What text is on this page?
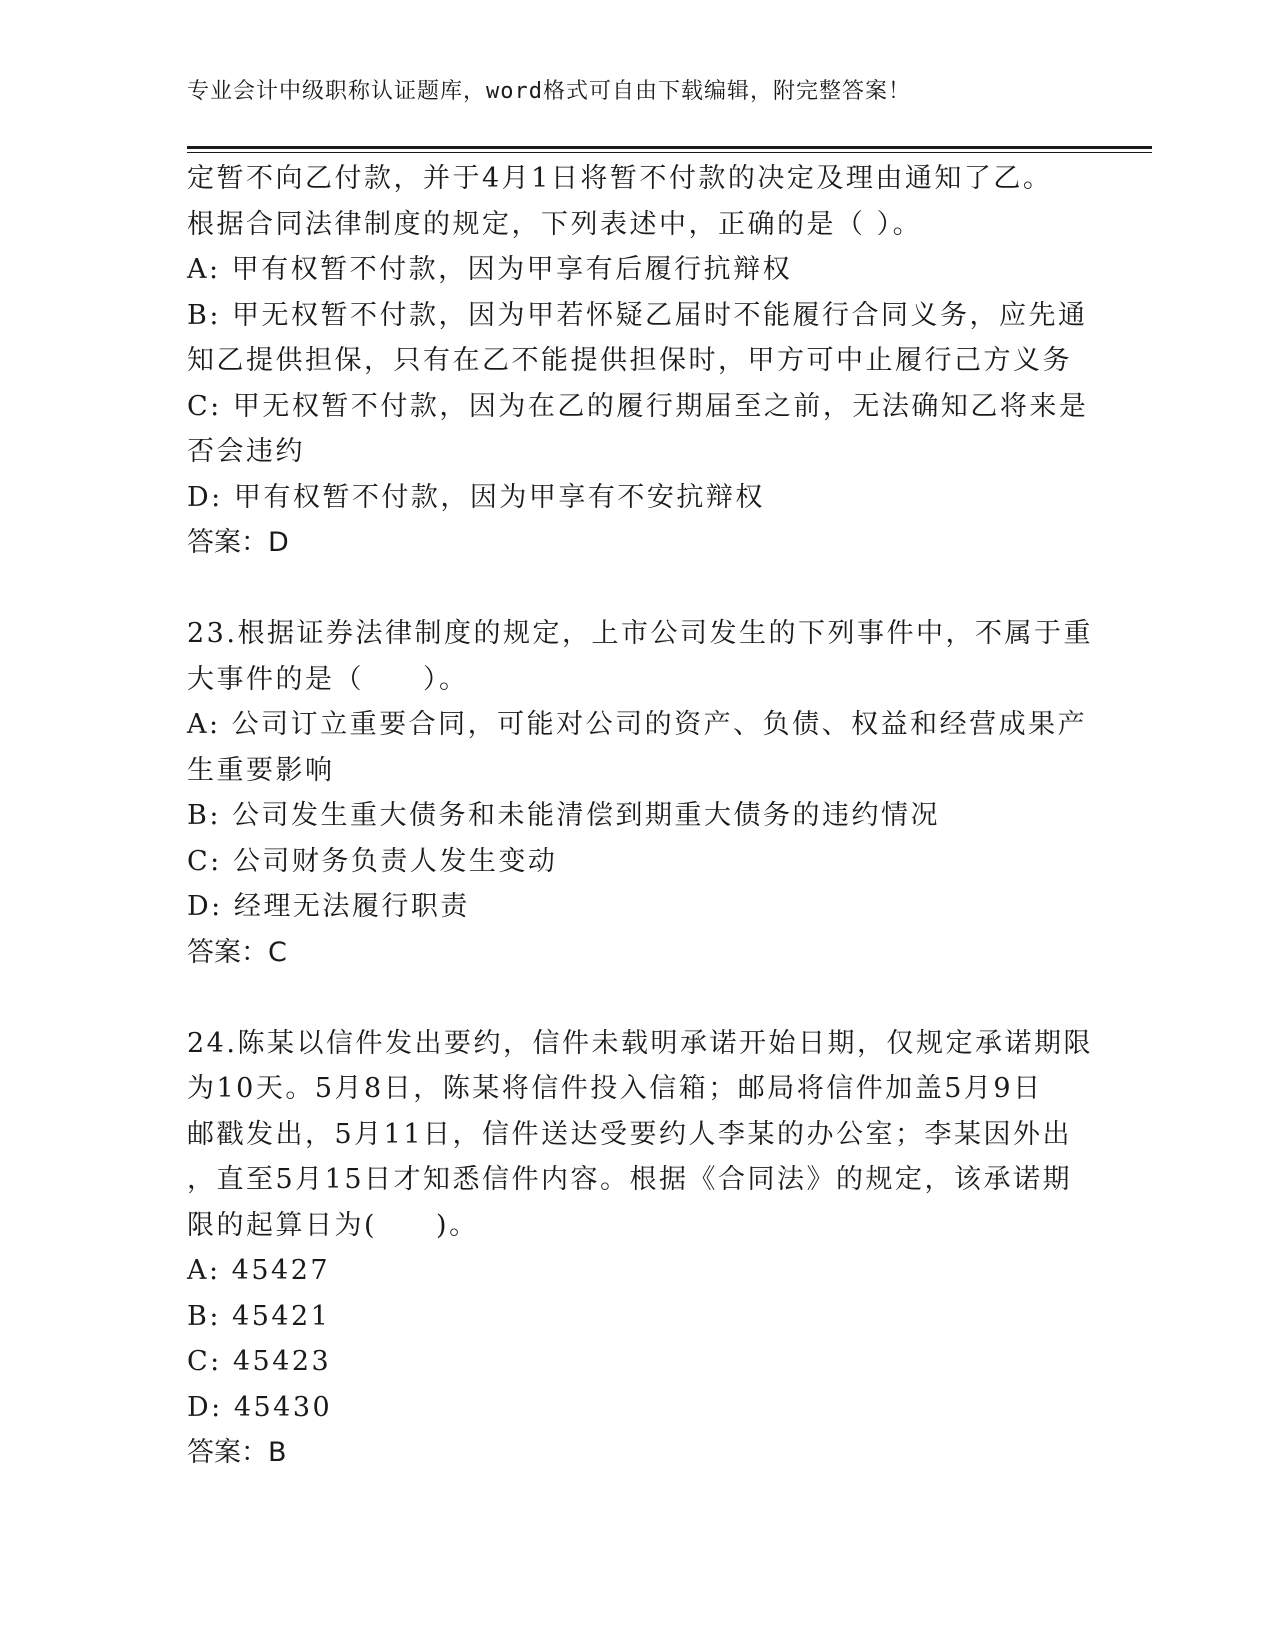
专业会计中级职称认证题库，word格式可自由下载编辑，附完整答案！
定暂不向乙付款，并于4月1日将暂不付款的决定及理由通知了乙。
根据合同法律制度的规定，下列表述中，正确的是（ ）。
A: 甲有权暂不付款，因为甲享有后履行抗辩权
B: 甲无权暂不付款，因为甲若怀疑乙届时不能履行合同义务，应先通
知乙提供担保，只有在乙不能提供担保时，甲方可中止履行己方义务
C: 甲无权暂不付款，因为在乙的履行期届至之前，无法确知乙将来是
否会违约
D: 甲有权暂不付款，因为甲享有不安抗辩权
答案：D
23.根据证券法律制度的规定，上市公司发生的下列事件中，不属于重
大事件的是（　　）。
A: 公司订立重要合同，可能对公司的资产、负债、权益和经营成果产
生重要影响
B: 公司发生重大债务和未能清偿到期重大债务的违约情况
C: 公司财务负责人发生变动
D: 经理无法履行职责
答案：C
24.陈某以信件发出要约，信件未载明承诺开始日期，仅规定承诺期限
为10天。5月8日，陈某将信件投入信箱；邮局将信件加盖5月9日
邮戳发出，5月11日，信件送达受要约人李某的办公室；李某因外出
，直至5月15日才知悉信件内容。根据《合同法》的规定，该承诺期
限的起算日为(　　)。
A: 45427
B: 45421
C: 45423
D: 45430
答案：B
